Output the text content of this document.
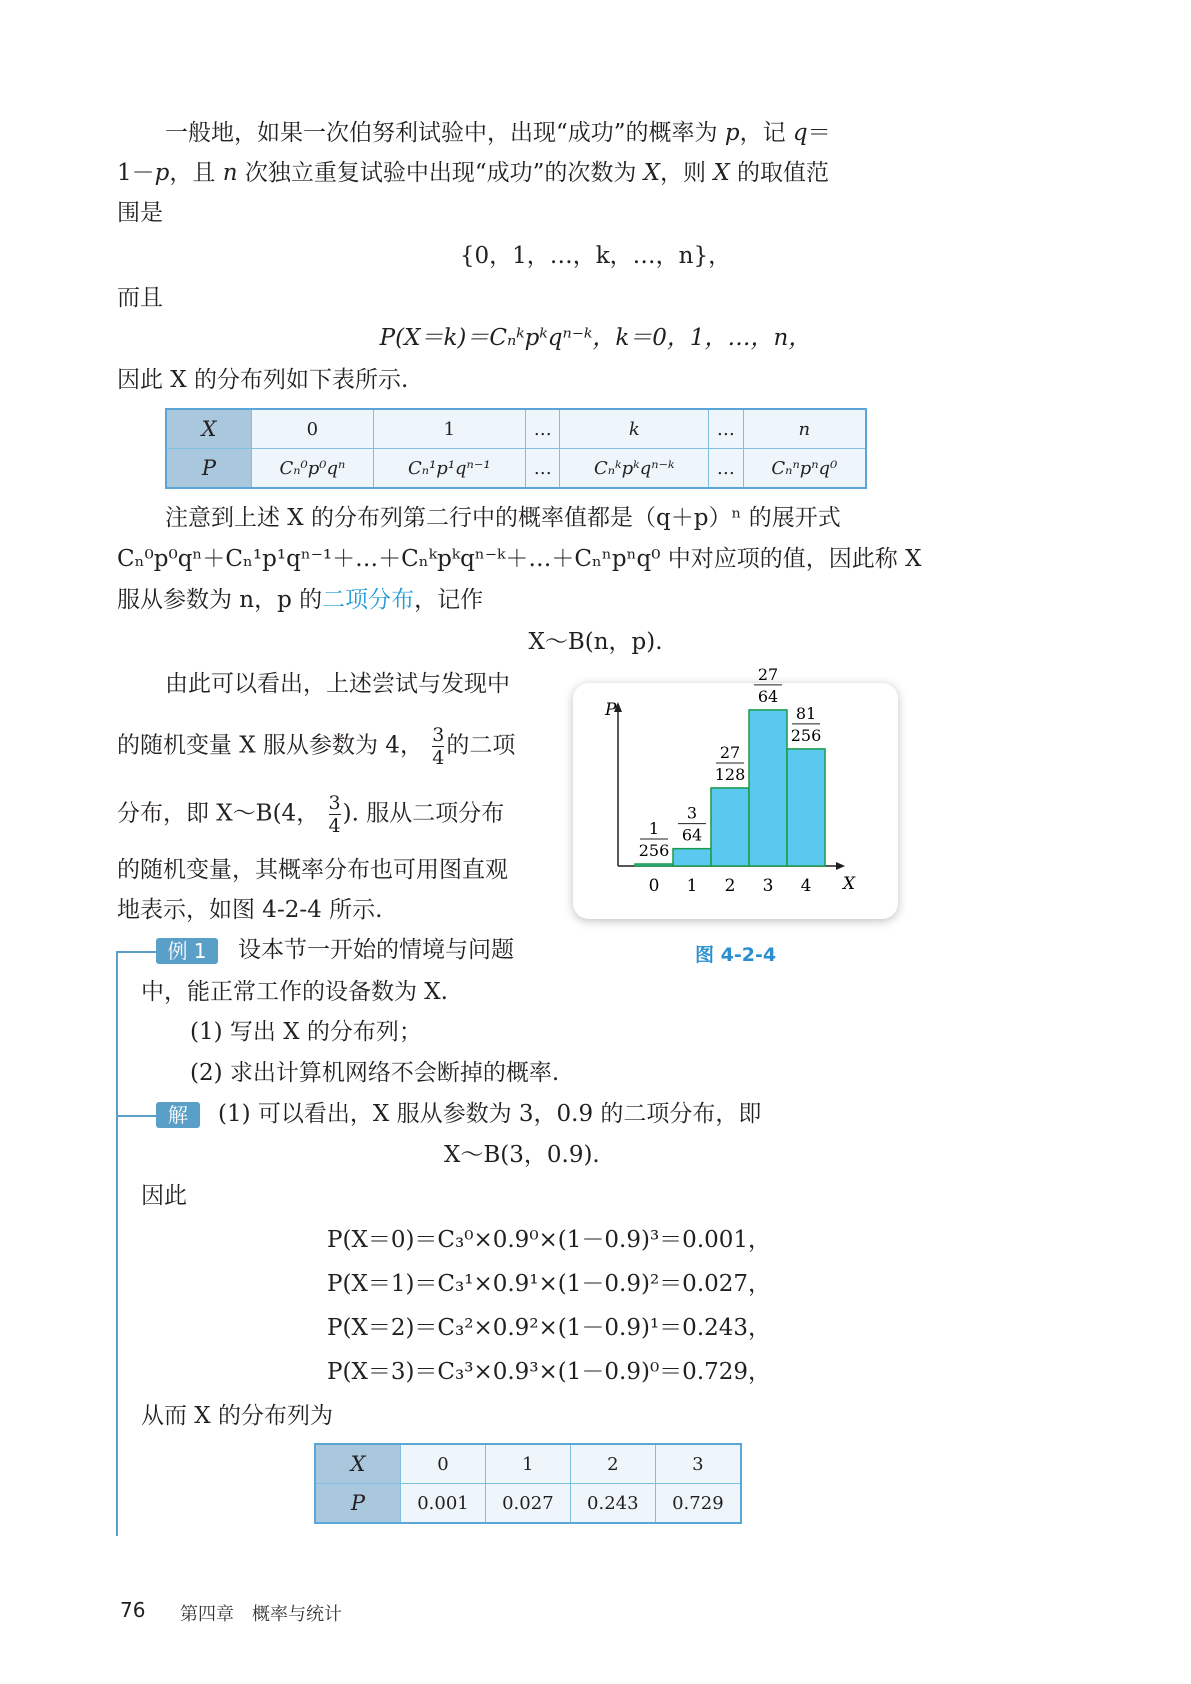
一般地，如果一次伯努利试验中，出现“成功”的概率为 p，记 q＝
1－p，且 n 次独立重复试验中出现“成功”的次数为 X，则 X 的取值范
围是
{0，1，…，k，…，n}，
而且
P(X＝k)＝Cₙᵏpᵏqⁿ⁻ᵏ，k＝0，1，…，n，
因此 X 的分布列如下表所示.
X	0	1	…	k	…	n
P	Cₙ⁰p⁰qⁿ	Cₙ¹p¹qⁿ⁻¹	…	Cₙᵏpᵏqⁿ⁻ᵏ	…	Cₙⁿpⁿq⁰
注意到上述 X 的分布列第二行中的概率值都是（q＋p）ⁿ 的展开式
Cₙ⁰p⁰qⁿ＋Cₙ¹p¹qⁿ⁻¹＋…＋Cₙᵏpᵏqⁿ⁻ᵏ＋…＋Cₙⁿpⁿq⁰ 中对应项的值，因此称 X
服从参数为 n，p 的二项分布，记作
X～B(n，p).
由此可以看出，上述尝试与发现中
的随机变量 X 服从参数为 4， $\frac{3}{4}$ 的二项
分布，即 X～B(4， $\frac{3}{4}$ ). 服从二项分布
的随机变量，其概率分布也可用图直观
地表示，如图 4-2-4 所示.
P
X
0
1
256
1
3
64
2
27
128
3
27
64
4
81
256
图 4-2-4
例 1	设本节一开始的情境与问题
中，能正常工作的设备数为 X.
(1) 写出 X 的分布列；
(2) 求出计算机网络不会断掉的概率.
解	(1) 可以看出，X 服从参数为 3，0.9 的二项分布，即
X～B(3，0.9).
因此
P(X＝0)＝C₃⁰×0.9⁰×(1－0.9)³＝0.001，
P(X＝1)＝C₃¹×0.9¹×(1－0.9)²＝0.027，
P(X＝2)＝C₃²×0.9²×(1－0.9)¹＝0.243，
P(X＝3)＝C₃³×0.9³×(1－0.9)⁰＝0.729，
从而 X 的分布列为
X	0	1	2	3
P	0.001	0.027	0.243	0.729
76 第四章　概率与统计
